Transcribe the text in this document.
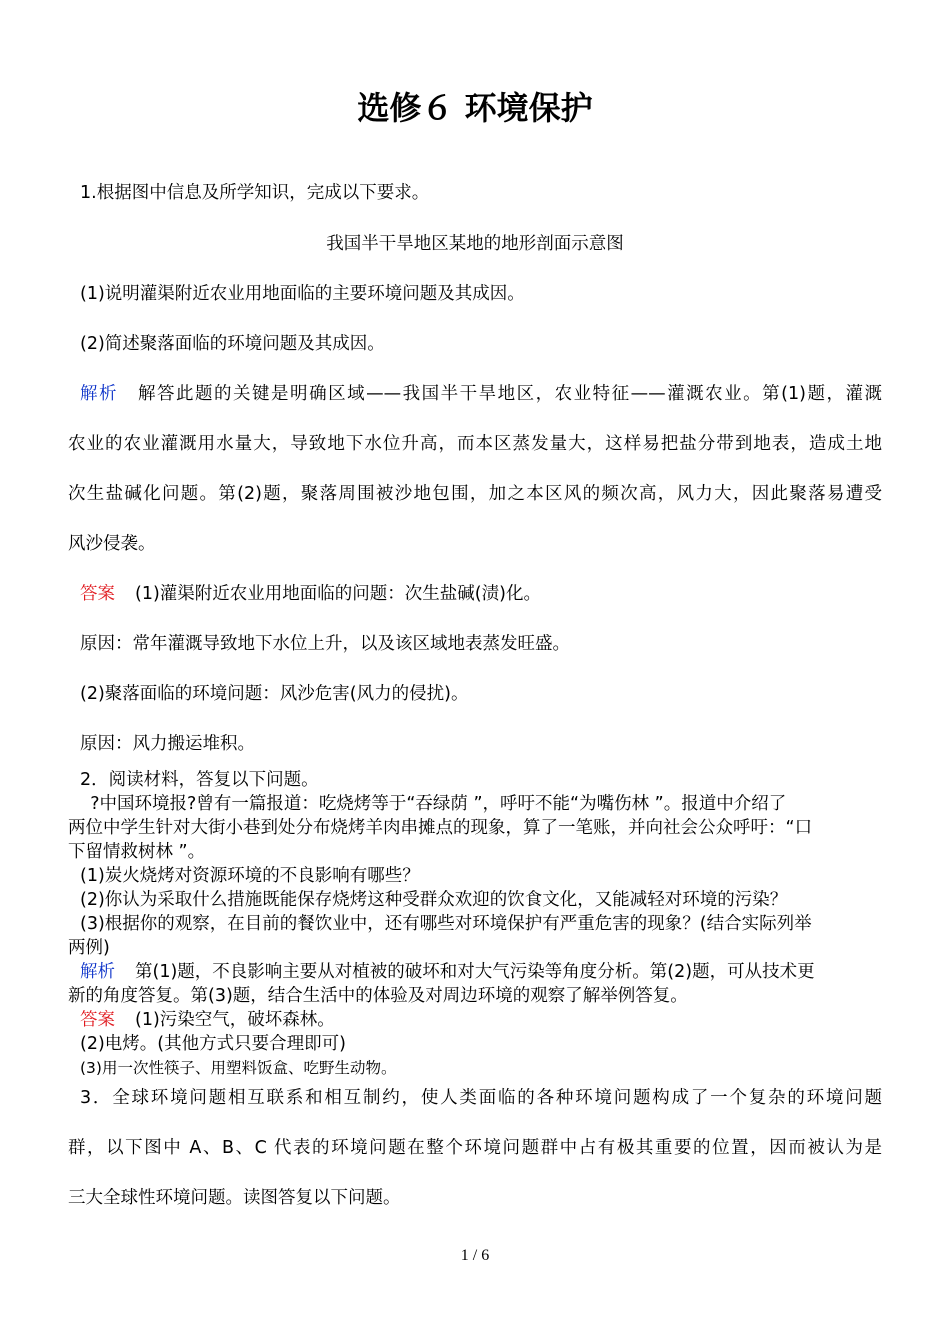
选修６ 环境保护

1.根据图中信息及所学知识，完成以下要求。

我国半干旱地区某地的地形剖面示意图

(1)说明灌渠附近农业用地面临的主要环境问题及其成因。

(2)简述聚落面临的环境问题及其成因。

解析 解答此题的关键是明确区域——我国半干旱地区，农业特征——灌溉农业。第(1)题，灌溉

农业的农业灌溉用水量大，导致地下水位升高，而本区蒸发量大，这样易把盐分带到地表，造成土地

次生盐碱化问题。第(2)题，聚落周围被沙地包围，加之本区风的频次高，风力大，因此聚落易遭受

风沙侵袭。

答案 (1)灌渠附近农业用地面临的问题：次生盐碱(渍)化。

原因：常年灌溉导致地下水位上升，以及该区域地表蒸发旺盛。

(2)聚落面临的环境问题：风沙危害(风力的侵扰)。

原因：风力搬运堆积。

2．阅读材料，答复以下问题。

?中国环境报?曾有一篇报道：吃烧烤等于“吞绿荫 ”，呼吁不能“为嘴伤林 ”。报道中介绍了

两位中学生针对大街小巷到处分布烧烤羊肉串摊点的现象，算了一笔账，并向社会公众呼吁：“口

下留情救树林 ”。

(1)炭火烧烤对资源环境的不良影响有哪些？

(2)你认为采取什么措施既能保存烧烤这种受群众欢迎的饮食文化，又能减轻对环境的污染？

(3)根据你的观察，在目前的餐饮业中，还有哪些对环境保护有严重危害的现象？(结合实际列举

两例)

解析 第(1)题，不良影响主要从对植被的破坏和对大气污染等角度分析。第(2)题，可从技术更

新的角度答复。第(3)题，结合生活中的体验及对周边环境的观察了解举例答复。

答案 (1)污染空气，破坏森林。

(2)电烤。(其他方式只要合理即可)

(3)用一次性筷子、用塑料饭盒、吃野生动物。

3．全球环境问题相互联系和相互制约，使人类面临的各种环境问题构成了一个复杂的环境问题

群，以下图中 A、B、C 代表的环境问题在整个环境问题群中占有极其重要的位置，因而被认为是

三大全球性环境问题。读图答复以下问题。

1 / 6
